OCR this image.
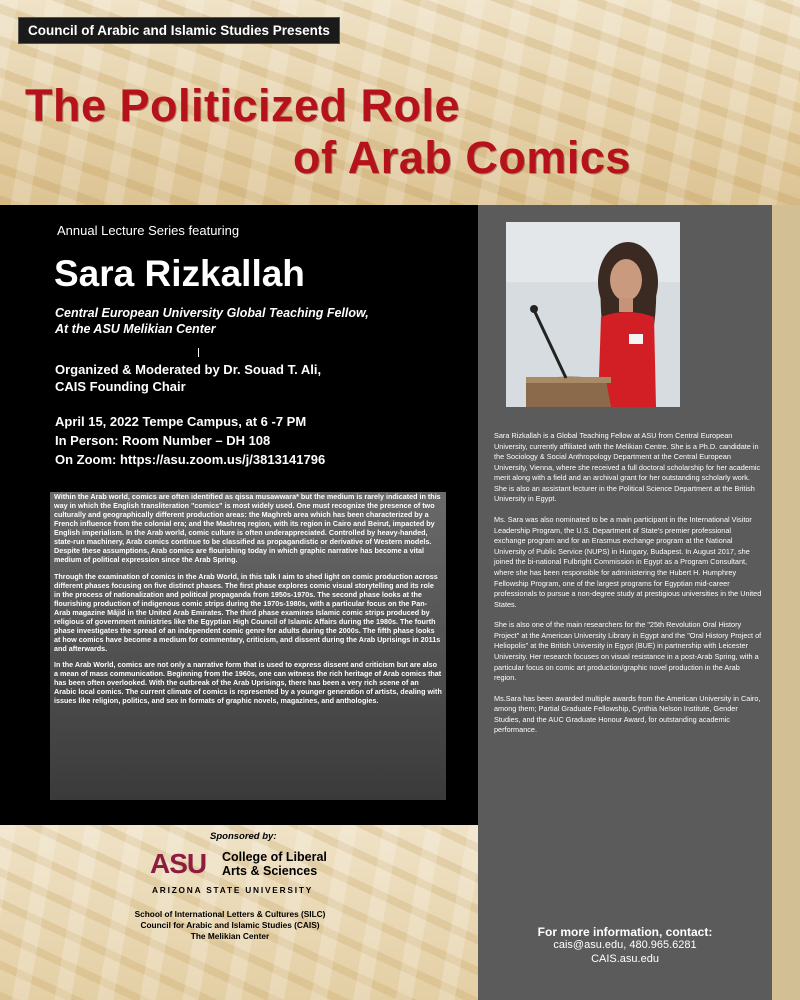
Council of Arabic and Islamic Studies Presents
The Politicized Role
of Arab Comics
Annual Lecture Series featuring
Sara Rizkallah
Central European University Global Teaching Fellow,
At the ASU Melikian Center
Organized & Moderated by Dr. Souad T. Ali,
CAIS Founding Chair
April 15, 2022 Tempe Campus, at 6 -7 PM
In Person: Room Number – DH 108
On Zoom: https://asu.zoom.us/j/3813141796

Within the Arab world, comics are often identified as qissa musawwara* but the medium is rarely indicated in this way in which the English transliteration "comics" is most widely used. One must recognize the presence of two culturally and geographically different production areas: the Maghreb area which has been characterized by a French influence from the colonial era; and the Mashreq region, with its region in Cairo and Beirut, impacted by English imperialism. In the Arab world, comic culture is often underappreciated. Controlled by heavy-handed, state-run machinery, Arab comics continue to be classified as propagandistic or derivative of Western models. Despite these assumptions, Arab comics are flourishing today in which graphic narrative has become a vital medium of political expression since the Arab Spring.

Through the examination of comics in the Arab World, in this talk I aim to shed light on comic production across different phases focusing on five distinct phases. The first phase explores comic visual storytelling and its role in the process of nationalization and political propaganda from 1950s-1970s. The second phase looks at the flourishing production of indigenous comic strips during the 1970s-1980s, with a particular focus on the Pan-Arab magazine Mâjid in the United Arab Emirates. The third phase examines Islamic comic strips produced by religious of government ministries like the Egyptian High Council of Islamic Affairs during the 1980s. The fourth phase investigates the spread of an independent comic genre for adults during the 2000s. The fifth phase looks at how comics have become a medium for commentary, criticism, and dissent during the Arab Uprisings in 2011s and afterwards.

In the Arab World, comics are not only a narrative form that is used to express dissent and criticism but are also a mean of mass communication. Beginning from the 1960s, one can witness the rich heritage of Arab comics that has been often overlooked. With the outbreak of the Arab Uprisings, there has been a very rich scene of an Arabic local comics. The current climate of comics is represented by a younger generation of artists, dealing with issues like religion, politics, and sex in formats of graphic novels, magazines, and anthologies.

Sara Rizkallah is a Global Teaching Fellow at ASU from Central European University, currently affiliated with the Melikian Centre. She is a Ph.D. candidate in the Sociology & Social Anthropology Department at the Central European University, Vienna, where she received a full doctoral scholarship for her academic merit along with a field and an archival grant for her outstanding scholarly work. She is also an assistant lecturer in the Political Science Department at the British University in Egypt.

Ms. Sara was also nominated to be a main participant in the International Visitor Leadership Program, the U.S. Department of State's premier professional exchange program and for an Erasmus exchange program at the National University of Public Service (NUPS) in Hungary, Budapest. In August 2017, she joined the bi-national Fulbright Commission in Egypt as a Program Consultant, where she has been responsible for administering the Hubert H. Humphrey Fellowship Program, one of the largest programs for Egyptian mid-career professionals to pursue a non-degree study at prestigious universities in the United States.

She is also one of the main researchers for the "25th Revolution Oral History Project" at the American University Library in Egypt and the "Oral History Project of Heliopolis" at the British University in Egypt (BUE) in partnership with Leicester University. Her research focuses on visual resistance in a post-Arab Spring, with a particular focus on comic art production/graphic novel production in the Arab region.

Ms.Sara has been awarded multiple awards from the American University in Cairo, among them; Partial Graduate Fellowship, Cynthia Nelson Institute, Gender Studies, and the AUC Graduate Honour Award, for outstanding academic performance.

For more information, contact:
cais@asu.edu, 480.965.6281
CAIS.asu.edu
Sponsored by:
ASU College of Liberal
Arts & Sciences
ARIZONA STATE UNIVERSITY
School of International Letters & Cultures (SILC)
Council for Arabic and Islamic Studies (CAIS)
The Melikian Center
